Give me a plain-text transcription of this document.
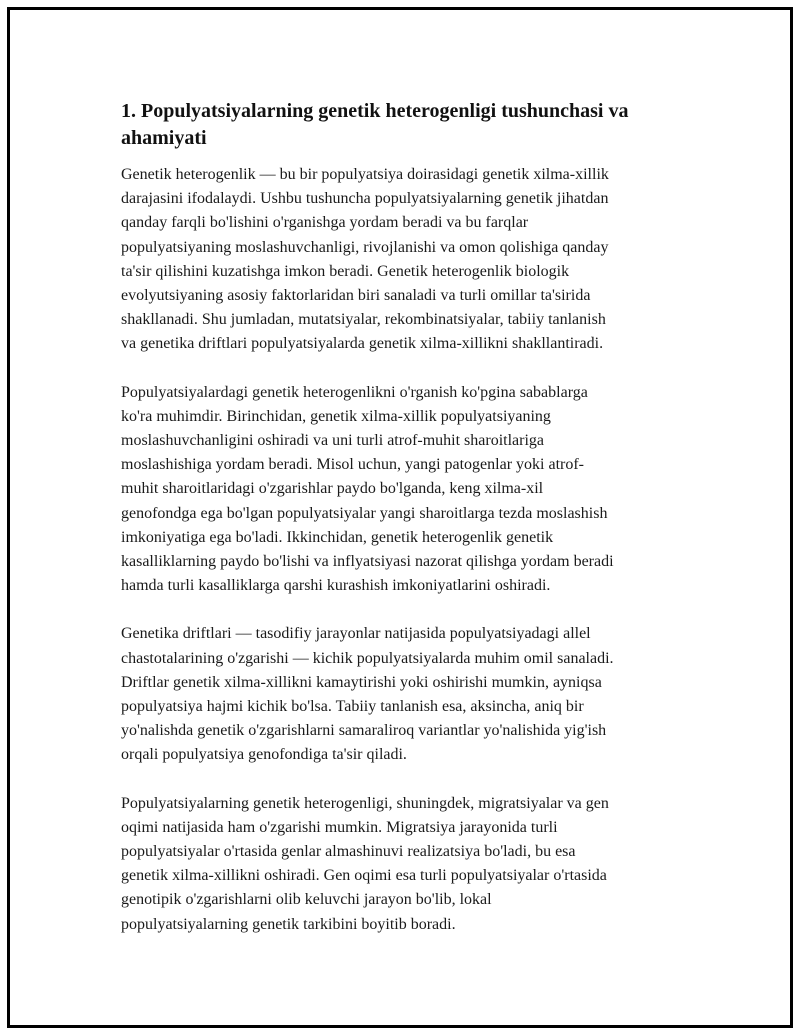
1. Populyatsiyalarning genetik heterogenligi tushunchasi va
ahamiyati

Genetik heterogenlik — bu bir populyatsiya doirasidagi genetik xilma-xillik
darajasini ifodalaydi. Ushbu tushuncha populyatsiyalarning genetik jihatdan
qanday farqli bo'lishini o'rganishga yordam beradi va bu farqlar
populyatsiyaning moslashuvchanligi, rivojlanishi va omon qolishiga qanday
ta'sir qilishini kuzatishga imkon beradi. Genetik heterogenlik biologik
evolyutsiyaning asosiy faktorlaridan biri sanaladi va turli omillar ta'sirida
shakllanadi. Shu jumladan, mutatsiyalar, rekombinatsiyalar, tabiiy tanlanish
va genetika driftlari populyatsiyalarda genetik xilma-xillikni shakllantiradi.

Populyatsiyalardagi genetik heterogenlikni o'rganish ko'pgina sabablarga
ko'ra muhimdir. Birinchidan, genetik xilma-xillik populyatsiyaning
moslashuvchanligini oshiradi va uni turli atrof-muhit sharoitlariga
moslashishiga yordam beradi. Misol uchun, yangi patogenlar yoki atrof-
muhit sharoitlaridagi o'zgarishlar paydo bo'lganda, keng xilma-xil
genofondga ega bo'lgan populyatsiyalar yangi sharoitlarga tezda moslashish
imkoniyatiga ega bo'ladi. Ikkinchidan, genetik heterogenlik genetik
kasalliklarning paydo bo'lishi va inflyatsiyasi nazorat qilishga yordam beradi
hamda turli kasalliklarga qarshi kurashish imkoniyatlarini oshiradi.

Genetika driftlari — tasodifiy jarayonlar natijasida populyatsiyadagi allel
chastotalarining o'zgarishi — kichik populyatsiyalarda muhim omil sanaladi.
Driftlar genetik xilma-xillikni kamaytirishi yoki oshirishi mumkin, ayniqsa
populyatsiya hajmi kichik bo'lsa. Tabiiy tanlanish esa, aksincha, aniq bir
yo'nalishda genetik o'zgarishlarni samaraliroq variantlar yo'nalishida yig'ish
orqali populyatsiya genofondiga ta'sir qiladi.

Populyatsiyalarning genetik heterogenligi, shuningdek, migratsiyalar va gen
oqimi natijasida ham o'zgarishi mumkin. Migratsiya jarayonida turli
populyatsiyalar o'rtasida genlar almashinuvi realizatsiya bo'ladi, bu esa
genetik xilma-xillikni oshiradi. Gen oqimi esa turli populyatsiyalar o'rtasida
genotipik o'zgarishlarni olib keluvchi jarayon bo'lib, lokal
populyatsiyalarning genetik tarkibini boyitib boradi.
